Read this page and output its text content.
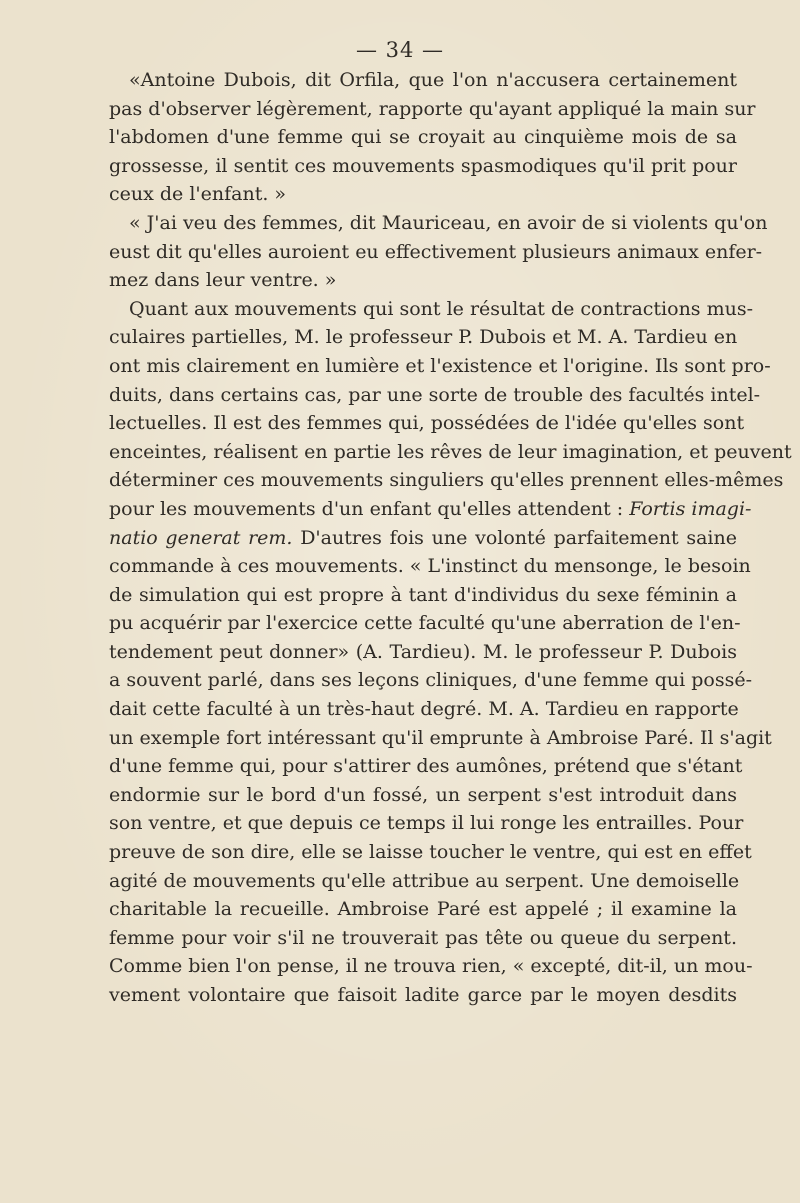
— 34 —
«Antoine Dubois, dit Orfila, que l'on n'accusera certainement
pas d'observer légèrement, rapporte qu'ayant appliqué la main sur
l'abdomen d'une femme qui se croyait au cinquième mois de sa
grossesse, il sentit ces mouvements spasmodiques qu'il prit pour
ceux de l'enfant. »
« J'ai veu des femmes, dit Mauriceau, en avoir de si violents qu'on
eust dit qu'elles auroient eu effectivement plusieurs animaux enfer-
mez dans leur ventre. »
Quant aux mouvements qui sont le résultat de contractions mus-
culaires partielles, M. le professeur P. Dubois et M. A. Tardieu en
ont mis clairement en lumière et l'existence et l'origine. Ils sont pro-
duits, dans certains cas, par une sorte de trouble des facultés intel-
lectuelles. Il est des femmes qui, possédées de l'idée qu'elles sont
enceintes, réalisent en partie les rêves de leur imagination, et peuvent
déterminer ces mouvements singuliers qu'elles prennent elles-mêmes
pour les mouvements d'un enfant qu'elles attendent : Fortis imagi-
natio generat rem. D'autres fois une volonté parfaitement saine
commande à ces mouvements. « L'instinct du mensonge, le besoin
de simulation qui est propre à tant d'individus du sexe féminin a
pu acquérir par l'exercice cette faculté qu'une aberration de l'en-
tendement peut donner» (A. Tardieu). M. le professeur P. Dubois
a souvent parlé, dans ses leçons cliniques, d'une femme qui possé-
dait cette faculté à un très-haut degré. M. A. Tardieu en rapporte
un exemple fort intéressant qu'il emprunte à Ambroise Paré. Il s'agit
d'une femme qui, pour s'attirer des aumônes, prétend que s'étant
endormie sur le bord d'un fossé, un serpent s'est introduit dans
son ventre, et que depuis ce temps il lui ronge les entrailles. Pour
preuve de son dire, elle se laisse toucher le ventre, qui est en effet
agité de mouvements qu'elle attribue au serpent. Une demoiselle
charitable la recueille. Ambroise Paré est appelé ; il examine la
femme pour voir s'il ne trouverait pas tête ou queue du serpent.
Comme bien l'on pense, il ne trouva rien, « excepté, dit-il, un mou-
vement volontaire que faisoit ladite garce par le moyen desdits
